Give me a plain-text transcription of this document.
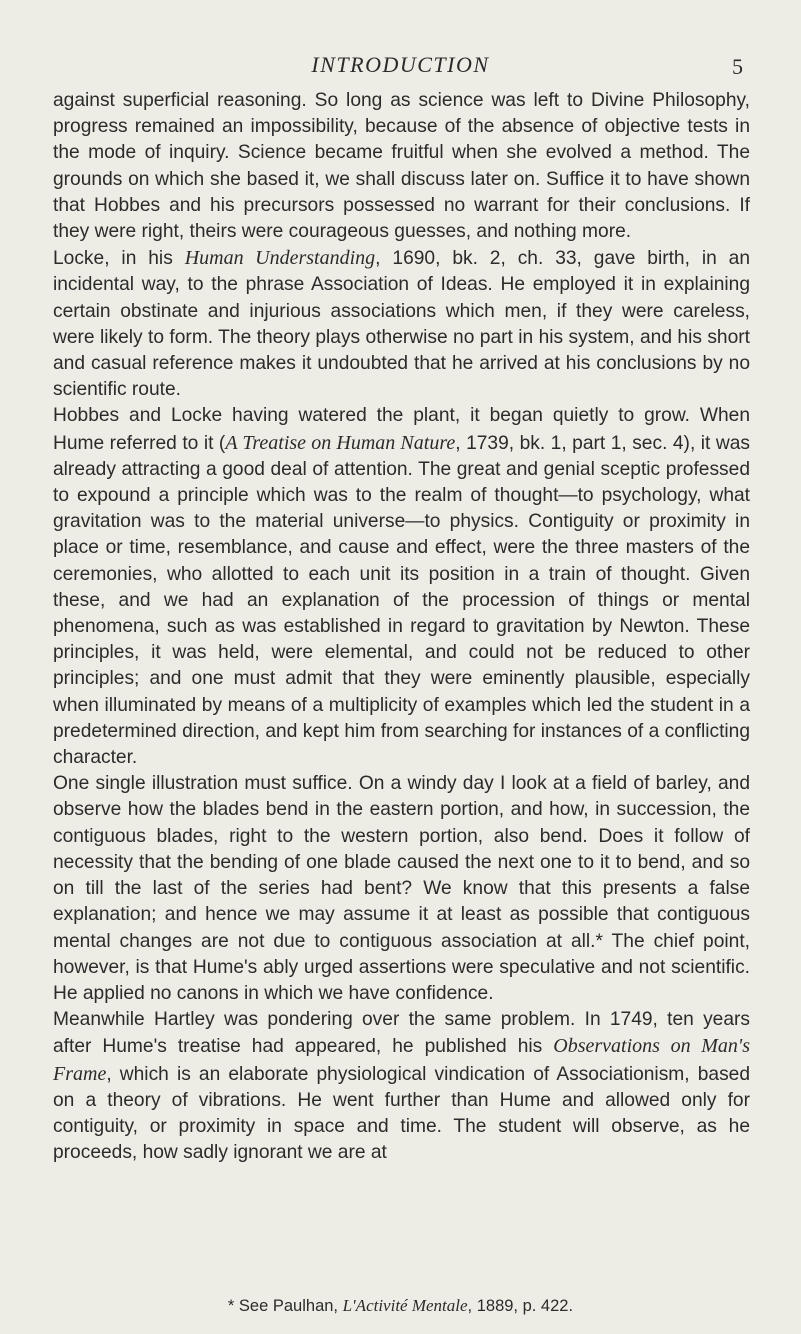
INTRODUCTION	5

against superficial reasoning. So long as science was left to Divine Philosophy, progress remained an impossibility, because of the absence of objective tests in the mode of inquiry. Science became fruitful when she evolved a method. The grounds on which she based it, we shall discuss later on. Suffice it to have shown that Hobbes and his precursors possessed no warrant for their conclusions. If they were right, theirs were courageous guesses, and nothing more.

Locke, in his Human Understanding, 1690, bk. 2, ch. 33, gave birth, in an incidental way, to the phrase Association of Ideas. He employed it in explaining certain obstinate and injurious associations which men, if they were careless, were likely to form. The theory plays otherwise no part in his system, and his short and casual reference makes it undoubted that he arrived at his conclusions by no scientific route.

Hobbes and Locke having watered the plant, it began quietly to grow. When Hume referred to it (A Treatise on Human Nature, 1739, bk. 1, part 1, sec. 4), it was already attracting a good deal of attention. The great and genial sceptic professed to expound a principle which was to the realm of thought—to psychology, what gravitation was to the material universe—to physics. Contiguity or proximity in place or time, resemblance, and cause and effect, were the three masters of the ceremonies, who allotted to each unit its position in a train of thought. Given these, and we had an explanation of the procession of things or mental phenomena, such as was established in regard to gravitation by Newton. These principles, it was held, were elemental, and could not be reduced to other principles; and one must admit that they were eminently plausible, especially when illuminated by means of a multiplicity of examples which led the student in a predetermined direction, and kept him from searching for instances of a conflicting character.

One single illustration must suffice. On a windy day I look at a field of barley, and observe how the blades bend in the eastern portion, and how, in succession, the contiguous blades, right to the western portion, also bend. Does it follow of necessity that the bending of one blade caused the next one to it to bend, and so on till the last of the series had bent? We know that this presents a false explanation; and hence we may assume it at least as possible that contiguous mental changes are not due to contiguous association at all.* The chief point, however, is that Hume's ably urged assertions were speculative and not scientific. He applied no canons in which we have confidence.

Meanwhile Hartley was pondering over the same problem. In 1749, ten years after Hume's treatise had appeared, he published his Observations on Man's Frame, which is an elaborate physiological vindication of Associationism, based on a theory of vibrations. He went further than Hume and allowed only for contiguity, or proximity in space and time. The student will observe, as he proceeds, how sadly ignorant we are at

* See Paulhan, L'Activité Mentale, 1889, p. 422.
